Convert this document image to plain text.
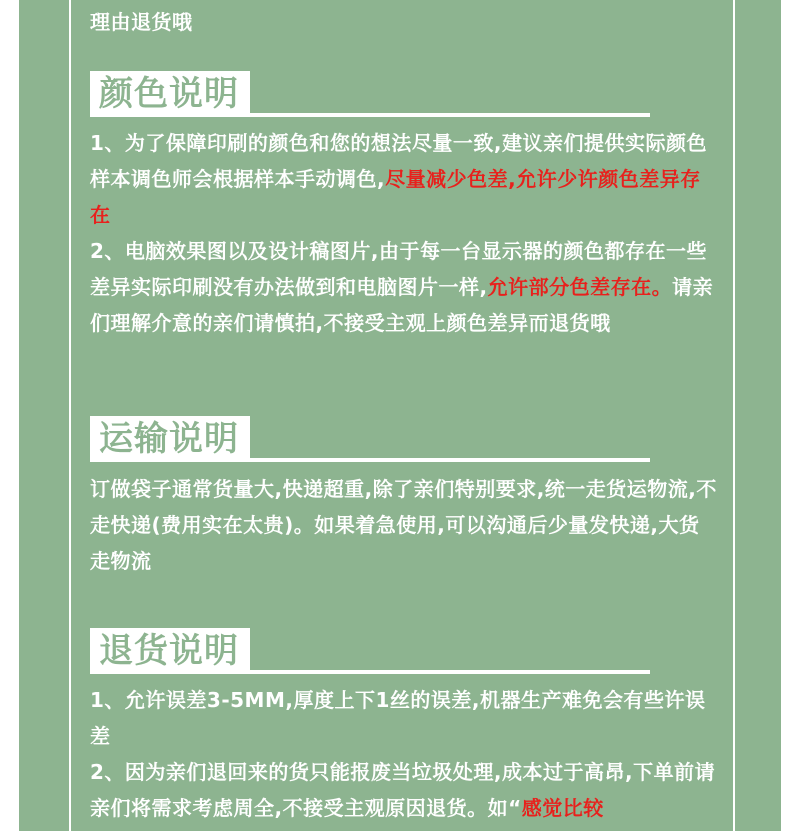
理由退货哦

颜色说明

1、为了保障印刷的颜色和您的想法尽量一致,建议亲们提供实际颜色样本调色师会根据样本手动调色,尽量减少色差,允许少许颜色差异存在

2、电脑效果图以及设计稿图片,由于每一台显示器的颜色都存在一些差异实际印刷没有办法做到和电脑图片一样,允许部分色差存在。请亲们理解介意的亲们请慎拍,不接受主观上颜色差异而退货哦

运输说明

订做袋子通常货量大,快递超重,除了亲们特别要求,统一走货运物流,不走快递(费用实在太贵)。如果着急使用,可以沟通后少量发快递,大货走物流

退货说明

1、允许误差3-5MM,厚度上下1丝的误差,机器生产难免会有些许误差

2、因为亲们退回来的货只能报废当垃圾处理,成本过于高昂,下单前请亲们将需求考虑周全,不接受主观原因退货。如“感觉比较
